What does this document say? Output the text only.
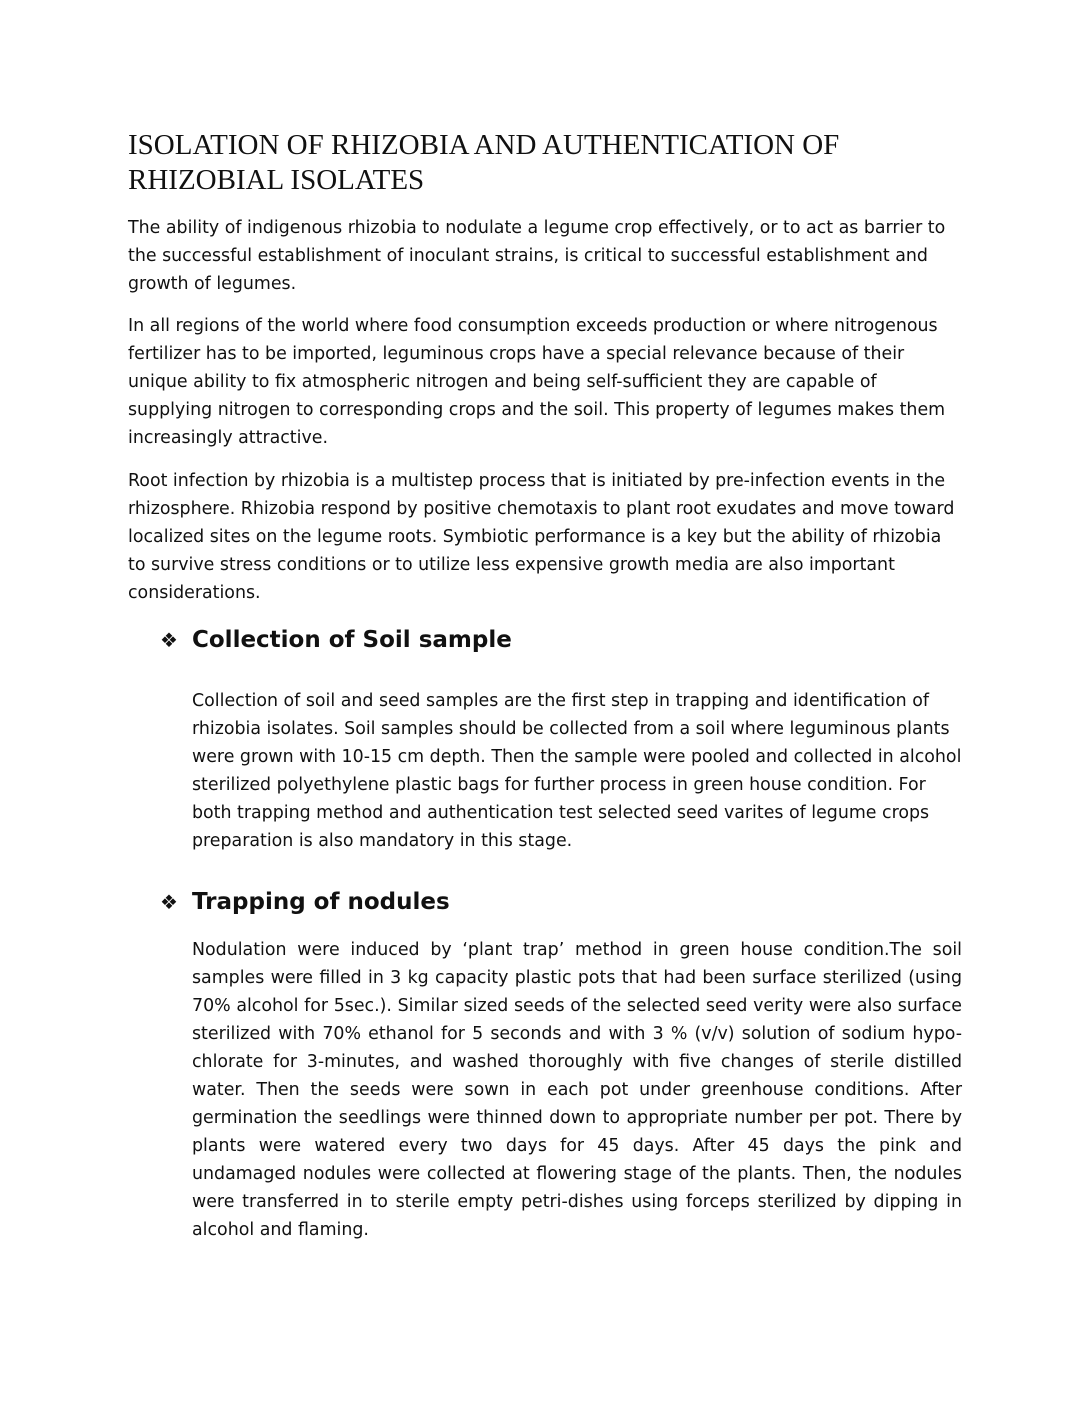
ISOLATION OF RHIZOBIA AND AUTHENTICATION OF RHIZOBIAL ISOLATES

The ability of indigenous rhizobia to nodulate a legume crop effectively, or to act as barrier to the successful establishment of inoculant strains, is critical to successful establishment and growth of legumes.

In all regions of the world where food consumption exceeds production or where nitrogenous fertilizer has to be imported, leguminous crops have a special relevance because of their unique ability to fix atmospheric nitrogen and being self-sufficient they are capable of supplying nitrogen to corresponding crops and the soil. This property of legumes makes them increasingly attractive.

Root infection by rhizobia is a multistep process that is initiated by pre-infection events in the rhizosphere. Rhizobia respond by positive chemotaxis to plant root exudates and move toward localized sites on the legume roots. Symbiotic performance is a key but the ability of rhizobia to survive stress conditions or to utilize less expensive growth media are also important considerations.

❖ Collection of Soil sample

Collection of soil and seed samples are the first step in trapping and identification of rhizobia isolates. Soil samples should be collected from a soil where leguminous plants were grown with 10-15 cm depth. Then the sample were pooled and collected in alcohol sterilized polyethylene plastic bags for further process in green house condition. For both trapping method and authentication test selected seed varites of legume crops preparation is also mandatory in this stage.

❖ Trapping of nodules

Nodulation were induced by ‘plant trap’ method in green house condition.The soil samples were filled in 3 kg capacity plastic pots that had been surface sterilized (using 70% alcohol for 5sec.). Similar sized seeds of the selected seed verity were also surface sterilized with 70% ethanol for 5 seconds and with 3 % (v/v) solution of sodium hypo-chlorate for 3-minutes, and washed thoroughly with five changes of sterile distilled water. Then the seeds were sown in each pot under greenhouse conditions. After germination the seedlings were thinned down to appropriate number per pot. There by plants were watered every two days for 45 days. After 45 days the pink and undamaged nodules were collected at flowering stage of the plants. Then, the nodules were transferred in to sterile empty petri-dishes using forceps sterilized by dipping in alcohol and flaming.
